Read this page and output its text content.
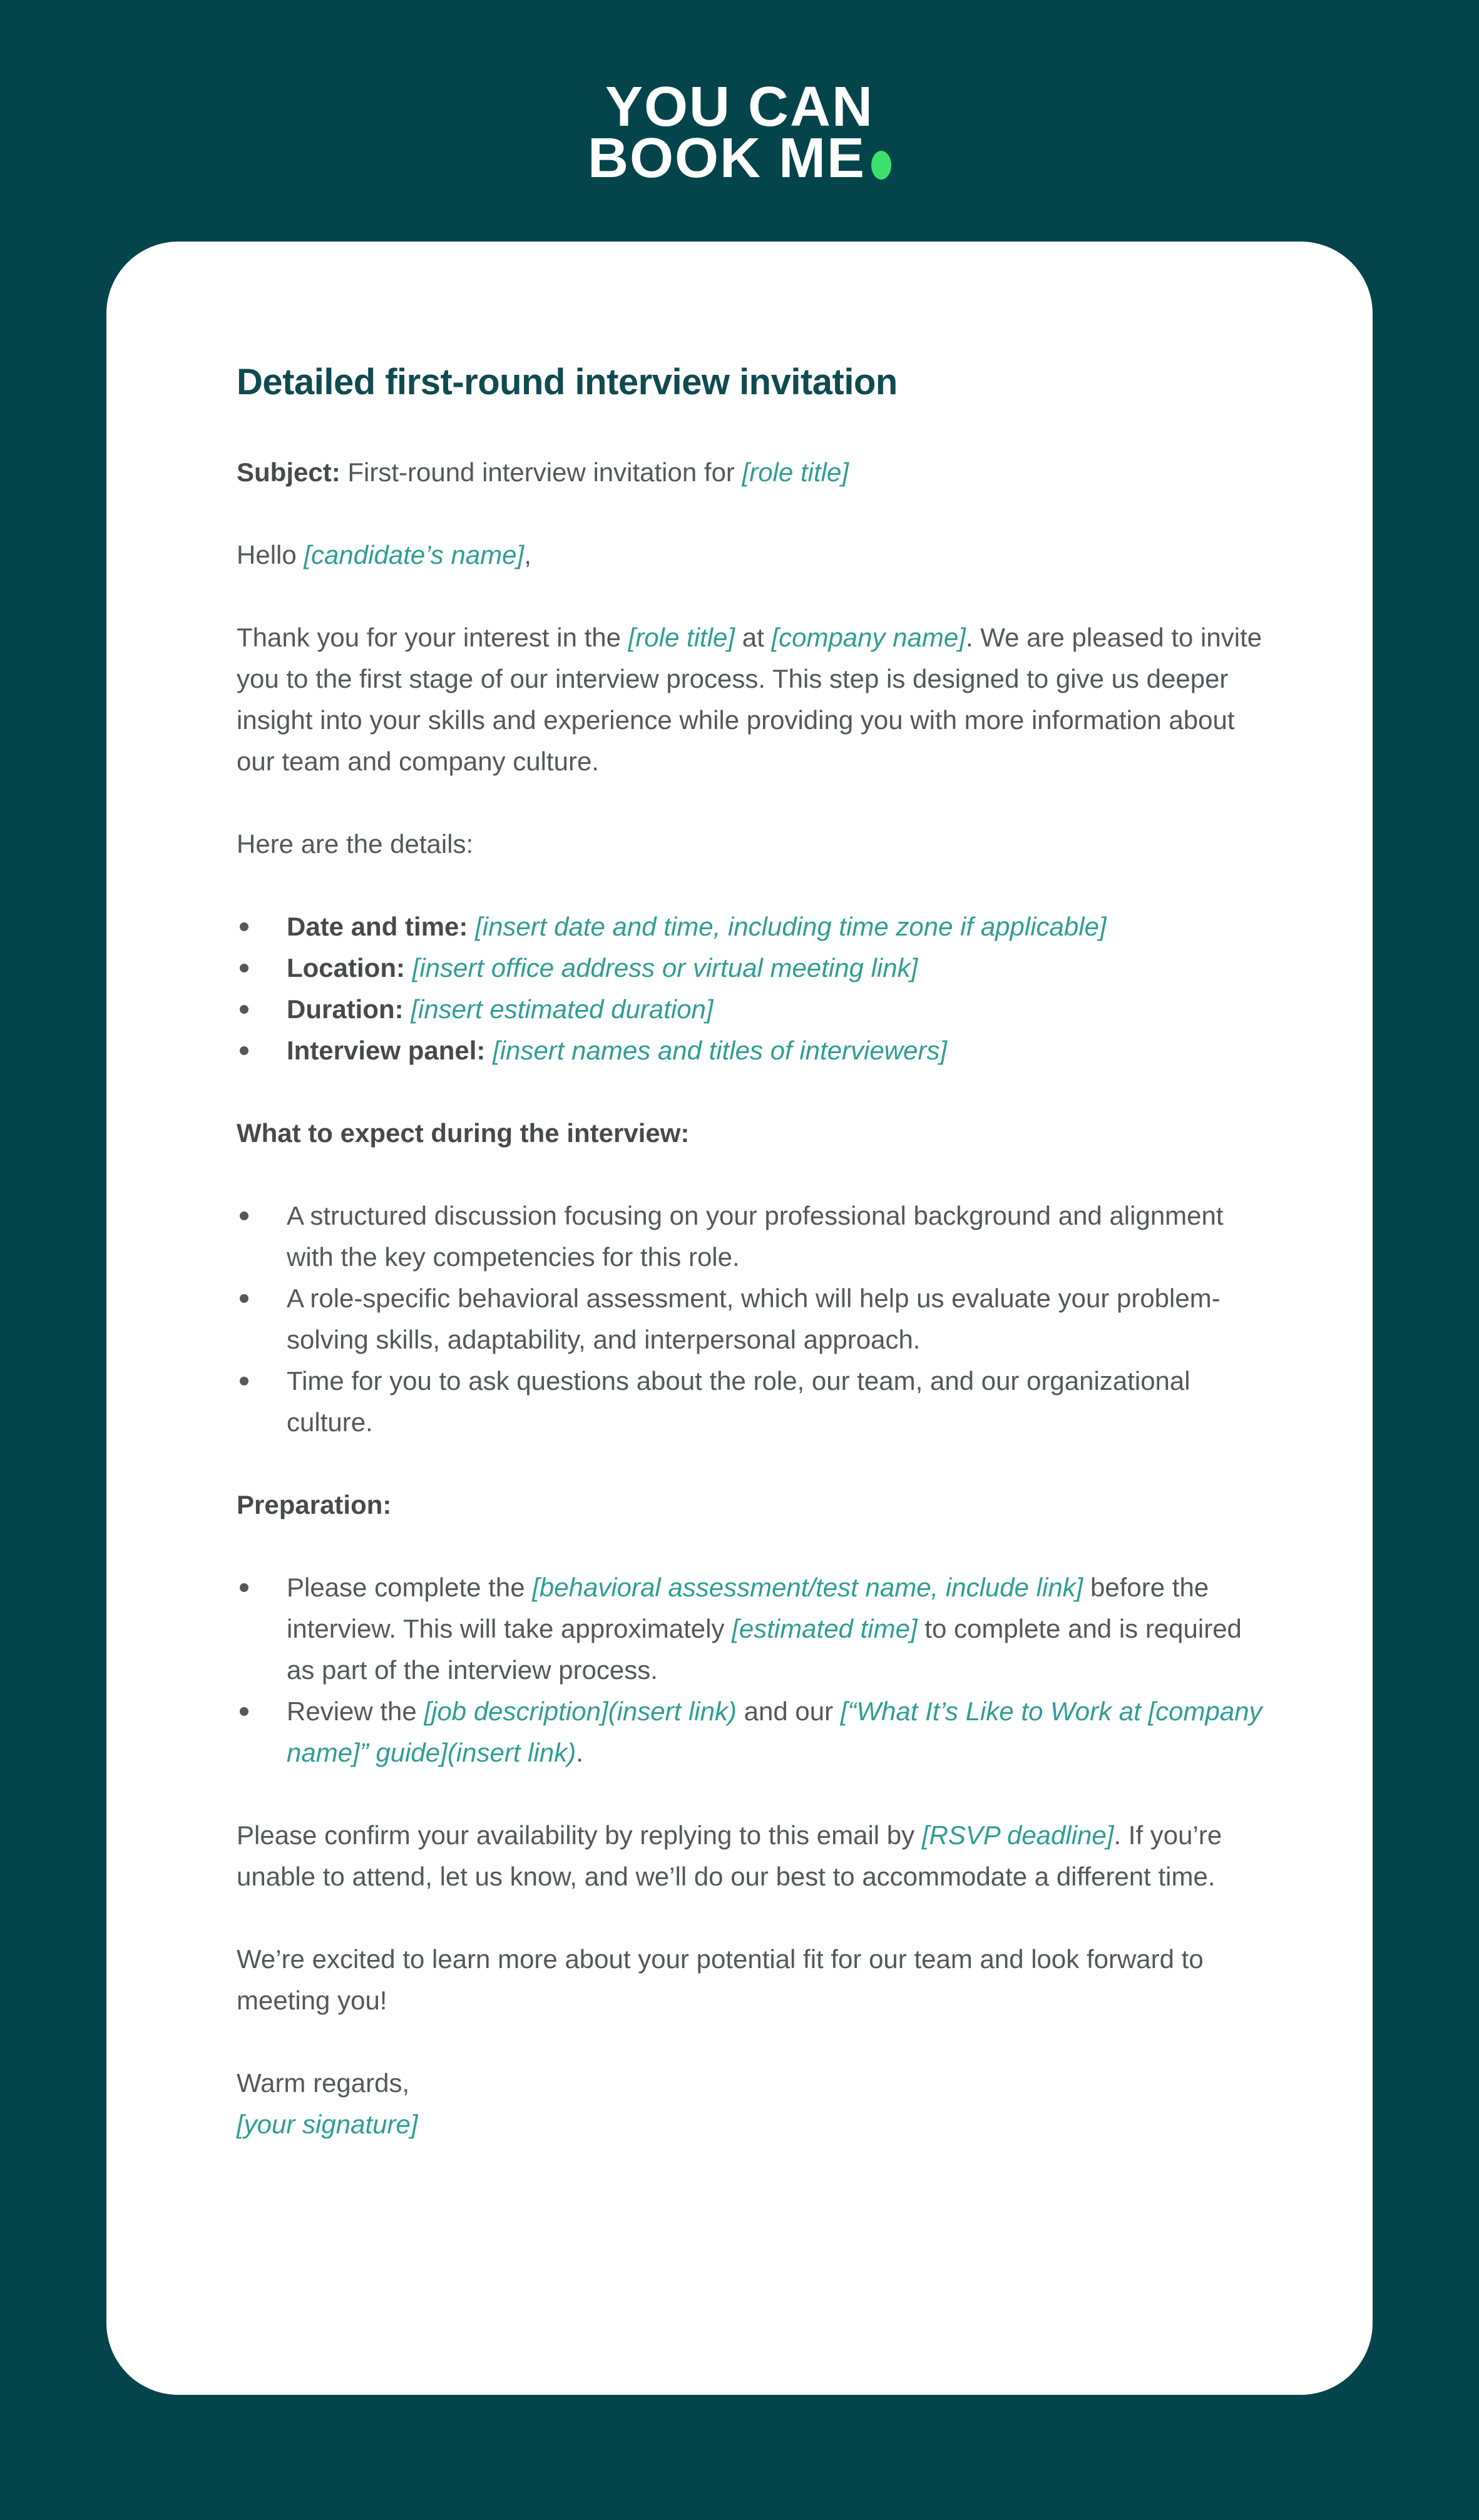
YOU CAN
BOOK ME
Detailed first-round interview invitation

Subject: First-round interview invitation for [role title]

Hello [candidate’s name],

Thank you for your interest in the [role title] at [company name]. We are pleased to invite you to the first stage of our interview process. This step is designed to give us deeper insight into your skills and experience while providing you with more information about our team and company culture.

Here are the details:

Date and time: [insert date and time, including time zone if applicable]
Location: [insert office address or virtual meeting link]
Duration: [insert estimated duration]
Interview panel: [insert names and titles of interviewers]

What to expect during the interview:

A structured discussion focusing on your professional background and alignment with the key competencies for this role.
A role-specific behavioral assessment, which will help us evaluate your problem-solving skills, adaptability, and interpersonal approach.
Time for you to ask questions about the role, our team, and our organizational culture.

Preparation:

Please complete the [behavioral assessment/test name, include link] before the interview. This will take approximately [estimated time] to complete and is required as part of the interview process.
Review the [job description](insert link) and our [“What It’s Like to Work at [company name]” guide](insert link).

Please confirm your availability by replying to this email by [RSVP deadline]. If you’re unable to attend, let us know, and we’ll do our best to accommodate a different time.

We’re excited to learn more about your potential fit for our team and look forward to meeting you!

Warm regards,

[your signature]
